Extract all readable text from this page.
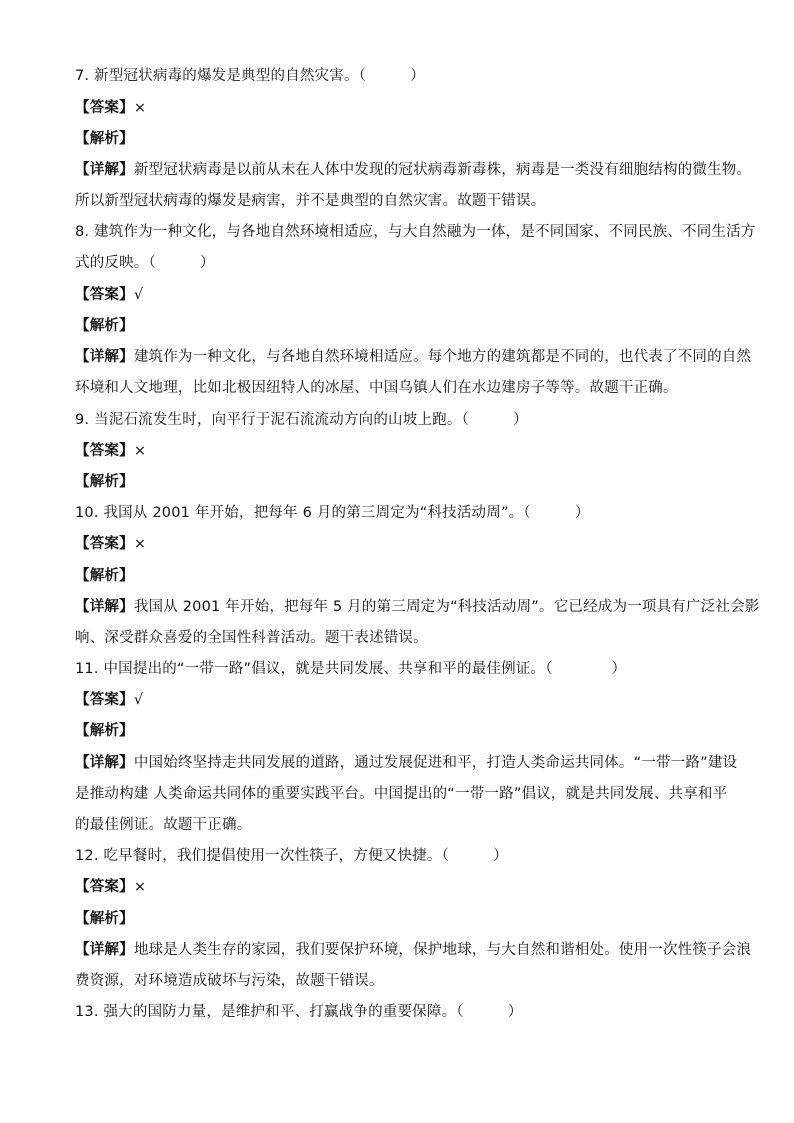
7. 新型冠状病毒的爆发是典型的自然灾害。（　　　）
【答案】×
【解析】
【详解】新型冠状病毒是以前从未在人体中发现的冠状病毒新毒株，病毒是一类没有细胞结构的微生物。
所以新型冠状病毒的爆发是病害，并不是典型的自然灾害。故题干错误。
8. 建筑作为一种文化，与各地自然环境相适应，与大自然融为一体，是不同国家、不同民族、不同生活方
式的反映。（　　　）
【答案】√
【解析】
【详解】建筑作为一种文化，与各地自然环境相适应。每个地方的建筑都是不同的，也代表了不同的自然
环境和人文地理，比如北极因纽特人的冰屋、中国乌镇人们在水边建房子等等。故题干正确。
9. 当泥石流发生时，向平行于泥石流流动方向的山坡上跑。（　　　）
【答案】×
【解析】
10. 我国从 2001 年开始，把每年 6 月的第三周定为“科技活动周”。（　　　）
【答案】×
【解析】
【详解】我国从 2001 年开始，把每年 5 月的第三周定为“科技活动周”。它已经成为一项具有广泛社会影
响、深受群众喜爱的全国性科普活动。题干表述错误。
11. 中国提出的“一带一路”倡议，就是共同发展、共享和平的最佳例证。（　　　　）
【答案】√
【解析】
【详解】中国始终坚持走共同发展的道路，通过发展促进和平，打造人类命运共同体。“一带一路”建设
是推动构建 人类命运共同体的重要实践平台。中国提出的“一带一路”倡议，就是共同发展、共享和平
的最佳例证。故题干正确。
12. 吃早餐时，我们提倡使用一次性筷子，方便又快捷。（　　　）
【答案】×
【解析】
【详解】地球是人类生存的家园，我们要保护环境，保护地球，与大自然和谐相处。使用一次性筷子会浪
费资源，对环境造成破坏与污染，故题干错误。
13. 强大的国防力量，是维护和平、打赢战争的重要保障。（　　　）
